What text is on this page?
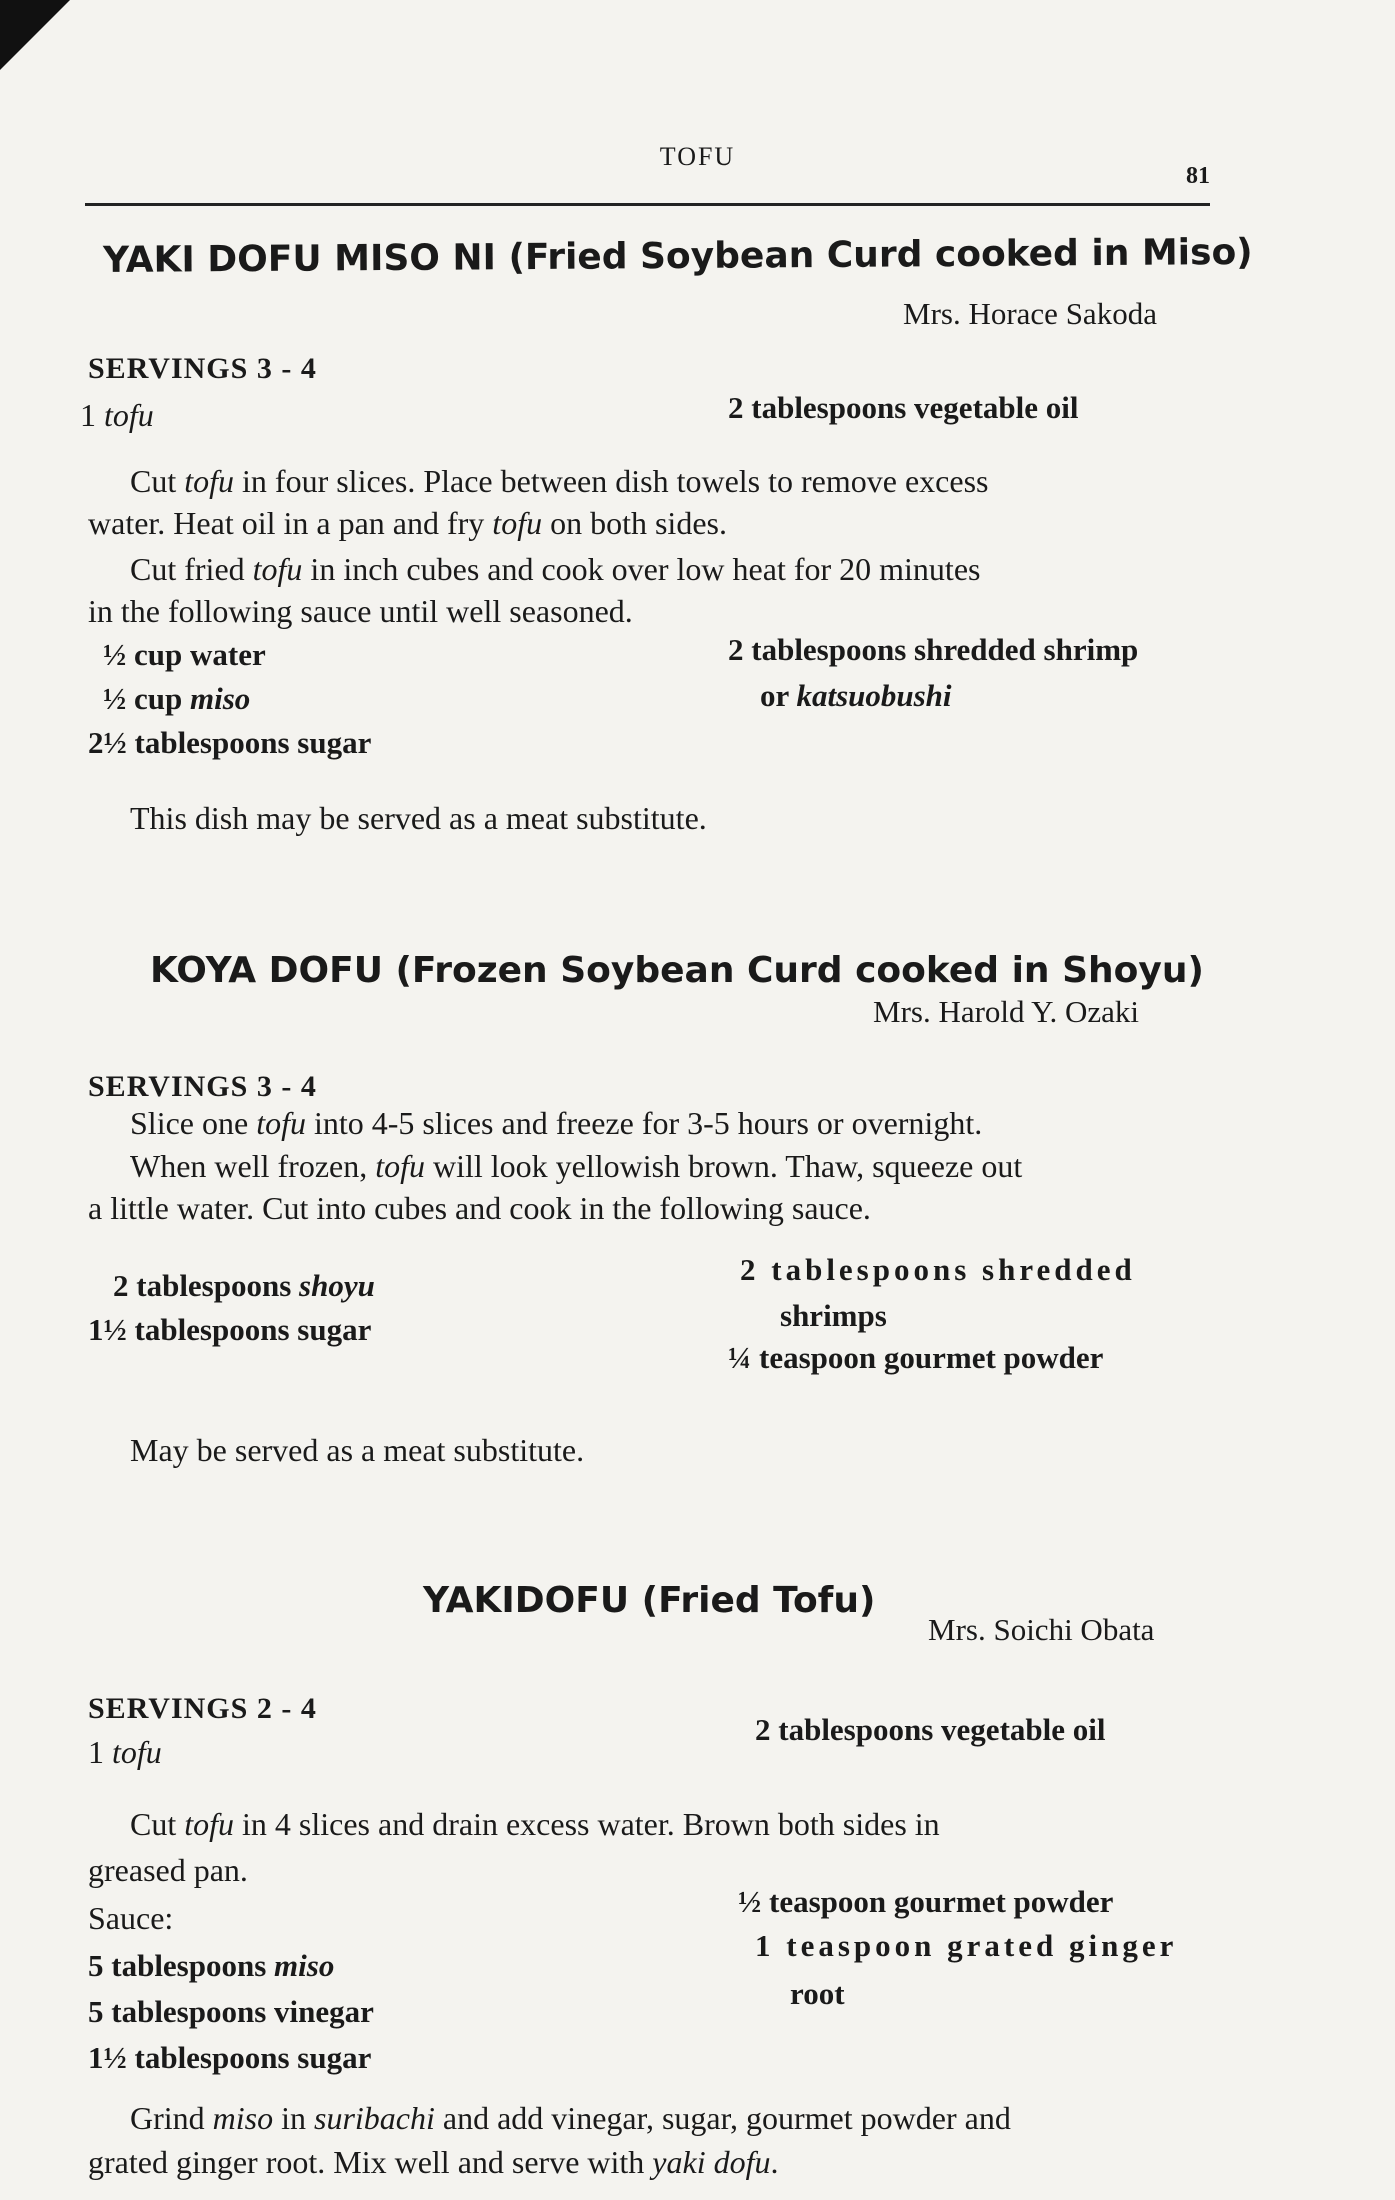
TOFU
81
YAKI DOFU MISO NI (Fried Soybean Curd cooked in Miso)
Mrs. Horace Sakoda
SERVINGS 3 - 4
1 tofu	2 tablespoons vegetable oil
Cut tofu in four slices. Place between dish towels to remove excess
water. Heat oil in a pan and fry tofu on both sides.
Cut fried tofu in inch cubes and cook over low heat for 20 minutes
in the following sauce until well seasoned.
½ cup water
½ cup miso
2½ tablespoons sugar
2 tablespoons shredded shrimp
or katsuobushi
This dish may be served as a meat substitute.
KOYA DOFU (Frozen Soybean Curd cooked in Shoyu)
Mrs. Harold Y. Ozaki
SERVINGS 3 - 4
Slice one tofu into 4-5 slices and freeze for 3-5 hours or overnight.
When well frozen, tofu will look yellowish brown. Thaw, squeeze out
a little water. Cut into cubes and cook in the following sauce.
2 tablespoons shoyu
1½ tablespoons sugar
2 tablespoons shredded
shrimps
¼ teaspoon gourmet powder
May be served as a meat substitute.
YAKIDOFU (Fried Tofu)
Mrs. Soichi Obata
SERVINGS 2 - 4
1 tofu
2 tablespoons vegetable oil
Cut tofu in 4 slices and drain excess water. Brown both sides in
greased pan.
Sauce:
5 tablespoons miso
5 tablespoons vinegar
1½ tablespoons sugar
½ teaspoon gourmet powder
1 teaspoon grated ginger
root
Grind miso in suribachi and add vinegar, sugar, gourmet powder and
grated ginger root. Mix well and serve with yaki dofu.
